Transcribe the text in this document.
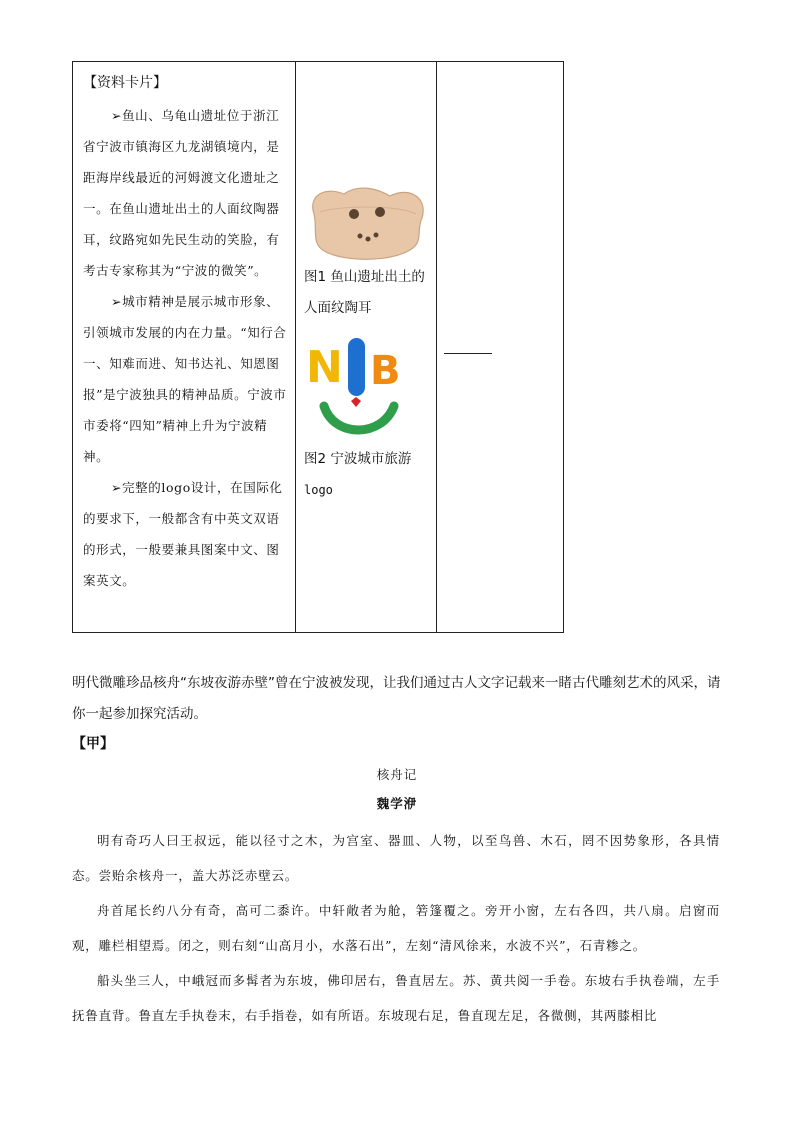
【资料卡片】

➢鱼山、乌龟山遗址位于浙江省宁波市镇海区九龙湖镇境内，是距海岸线最近的河姆渡文化遗址之一。在鱼山遗址出土的人面纹陶器耳，纹路宛如先民生动的笑脸，有考古专家称其为“宁波的微笑”。

➢城市精神是展示城市形象、引领城市发展的内在力量。“知行合一、知难而进、知书达礼、知恩图报”是宁波独具的精神品质。宁波市市委将“四知”精神上升为宁波精神。

➢完整的logo设计，在国际化的要求下，一般都含有中英文双语的形式，一般要兼具图案中文、图案英文。

图1 鱼山遗址出土的人面纹陶耳
N B
图2 宁波城市旅游
logo

明代微雕珍品核舟“东坡夜游赤壁”曾在宁波被发现，让我们通过古人文字记载来一睹古代雕刻艺术的风采，请你一起参加探究活动。
【甲】
核舟记
魏学洢

明有奇巧人曰王叔远，能以径寸之木，为宫室、器皿、人物，以至鸟兽、木石，罔不因势象形，各具情态。尝贻余核舟一，盖大苏泛赤壁云。

舟首尾长约八分有奇，高可二黍许。中轩敞者为舱，箬篷覆之。旁开小窗，左右各四，共八扇。启窗而观，雕栏相望焉。闭之，则右刻“山高月小，水落石出”，左刻“清风徐来，水波不兴”，石青糁之。

船头坐三人，中峨冠而多髯者为东坡，佛印居右，鲁直居左。苏、黄共阅一手卷。东坡右手执卷端，左手抚鲁直背。鲁直左手执卷末，右手指卷，如有所语。东坡现右足，鲁直现左足，各微侧，其两膝相比
